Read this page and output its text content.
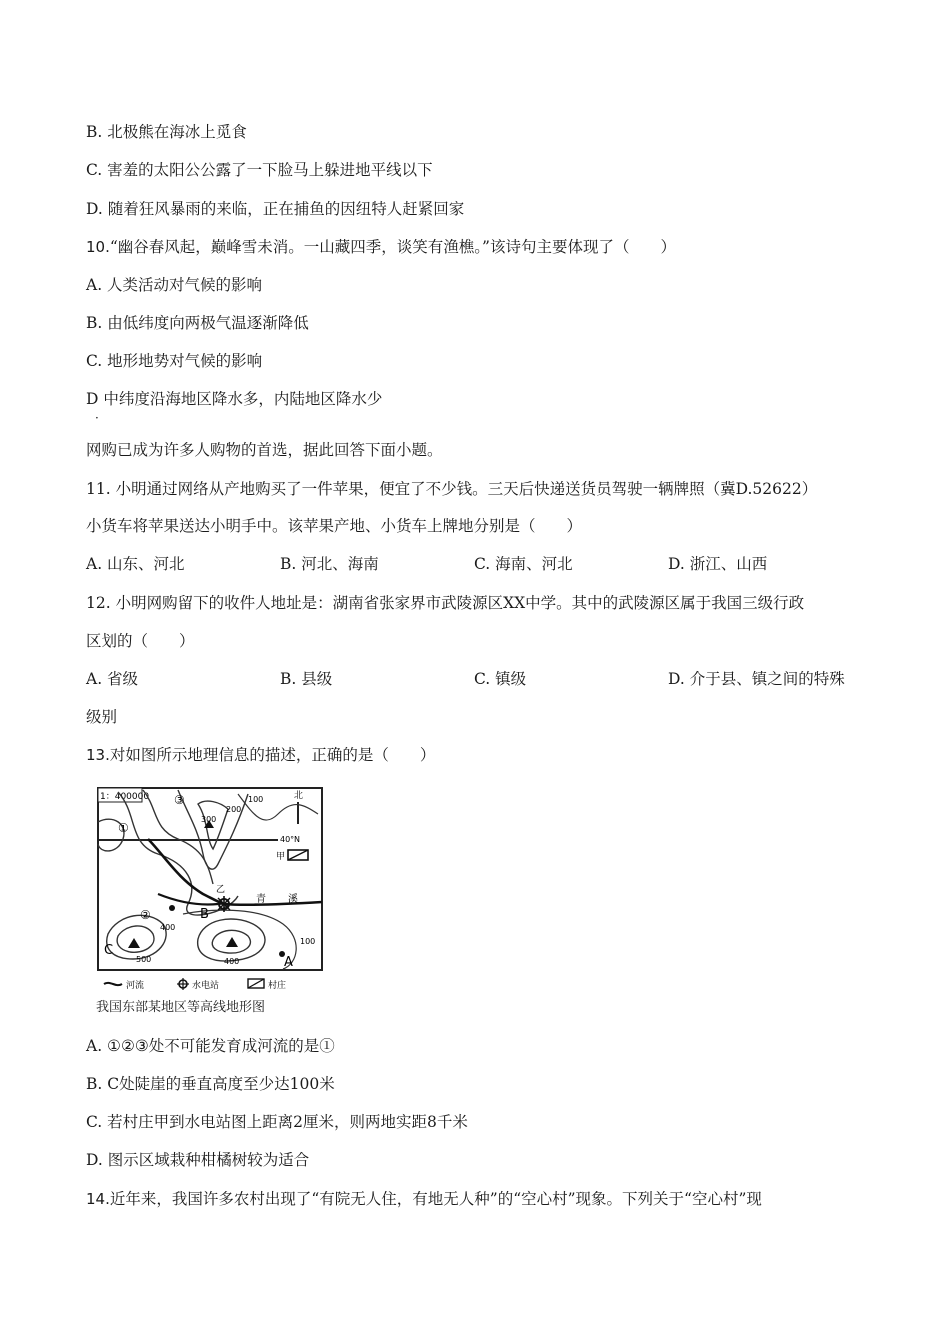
B. 北极熊在海冰上觅食
C. 害羞的太阳公公露了一下脸马上躲进地平线以下
D. 随着狂风暴雨的来临，正在捕鱼的因纽特人赶紧回家
10.“幽谷春风起，巅峰雪未消。一山藏四季，谈笑有渔樵。”该诗句主要体现了（　　）
A. 人类活动对气候的影响
B. 由低纬度向两极气温逐渐降低
C. 地形地势对气候的影响
D 中纬度沿海地区降水多，内陆地区降水少
·
网购已成为许多人购物的首选，据此回答下面小题。
11. 小明通过网络从产地购买了一件苹果，便宜了不少钱。三天后快递送货员驾驶一辆牌照（冀D.52622）
小货车将苹果送达小明手中。该苹果产地、小货车上牌地分别是（　　）
A. 山东、河北	B. 河北、海南	C. 海南、河北	D. 浙江、山西
12. 小明网购留下的收件人地址是：湖南省张家界市武陵源区XX中学。其中的武陵源区属于我国三级行政
区划的（　　）
A. 省级	B. 县级	C. 镇级	D. 介于县、镇之间的特殊
级别
13.对如图所示地理信息的描述，正确的是（　　）
1：400000
40° N
北
甲
①
②
③
乙
青 溪
B
C
A
100
200
300
400
500	400
100
河流	水电站	村庄
我国东部某地区等高线地形图
A. ①②③处不可能发育成河流的是①
B. C处陡崖的垂直高度至少达100米
C. 若村庄甲到水电站图上距离2厘米，则两地实距8千米
D. 图示区域栽种柑橘树较为适合
14.近年来，我国许多农村出现了“有院无人住，有地无人种”的“空心村”现象。下列关于“空心村”现
